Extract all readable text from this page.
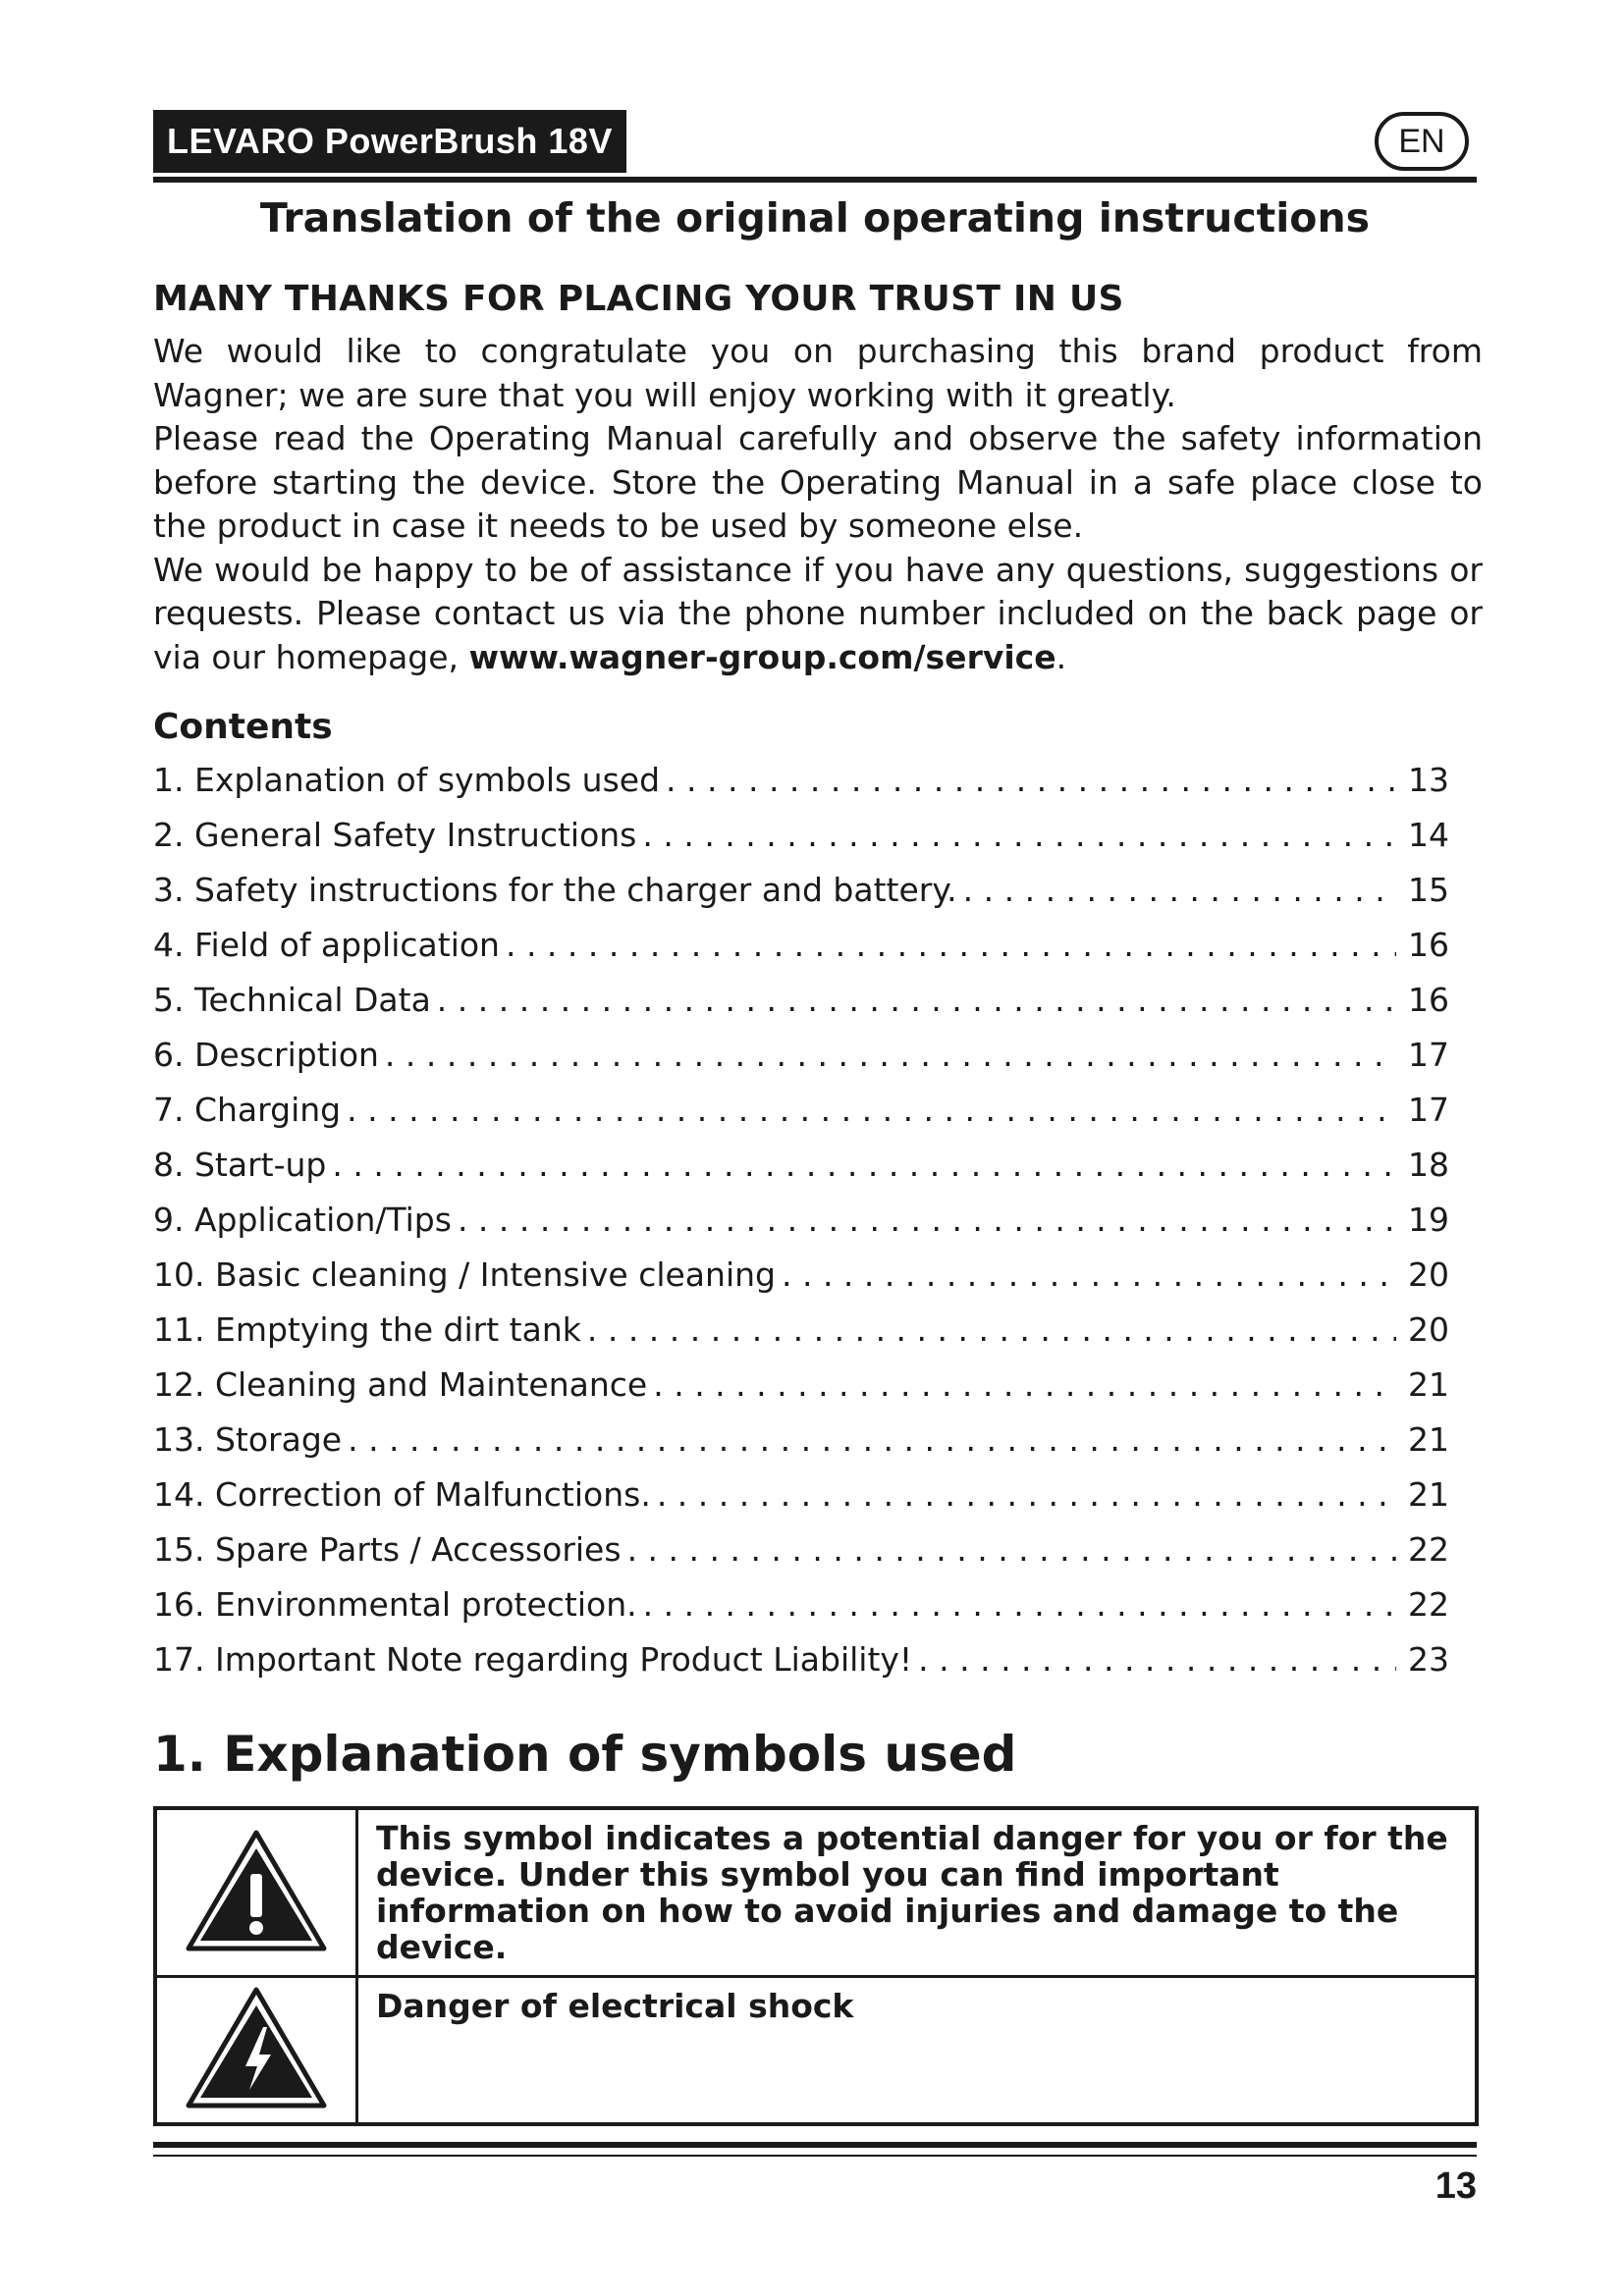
LEVARO PowerBrush 18V	EN
Translation of the original operating instructions
MANY THANKS FOR PLACING YOUR TRUST IN US

We would like to congratulate you on purchasing this brand product from Wagner; we are sure that you will enjoy working with it greatly.

Please read the Operating Manual carefully and observe the safety information before starting the device. Store the Operating Manual in a safe place close to the product in case it needs to be used by someone else.

We would be happy to be of assistance if you have any questions, suggestions or requests. Please contact us via the phone number included on the back page or via our homepage, www.wagner-group.com/service.

Contents
1. Explanation of symbols used . . .	13
2. General Safety Instructions . . .	14
3. Safety instructions for the charger and battery. . . .	15
4. Field of application . . .	16
5. Technical Data . . .	16
6. Description . . .	17
7. Charging . . .	17
8. Start-up . . .	18
9. Application/Tips . . .	19
10. Basic cleaning / Intensive cleaning . . .	20
11. Emptying the dirt tank . . .	20
12. Cleaning and Maintenance . . .	21
13. Storage . . .	21
14. Correction of Malfunctions. . . .	21
15. Spare Parts / Accessories . . .	22
16. Environmental protection. . . .	22
17. Important Note regarding Product Liability! . . .	23
1. Explanation of symbols used
	This symbol indicates a potential danger for you or for the device. Under this symbol you can find important information on how to avoid injuries and damage to the device.
	Danger of electrical shock
13
